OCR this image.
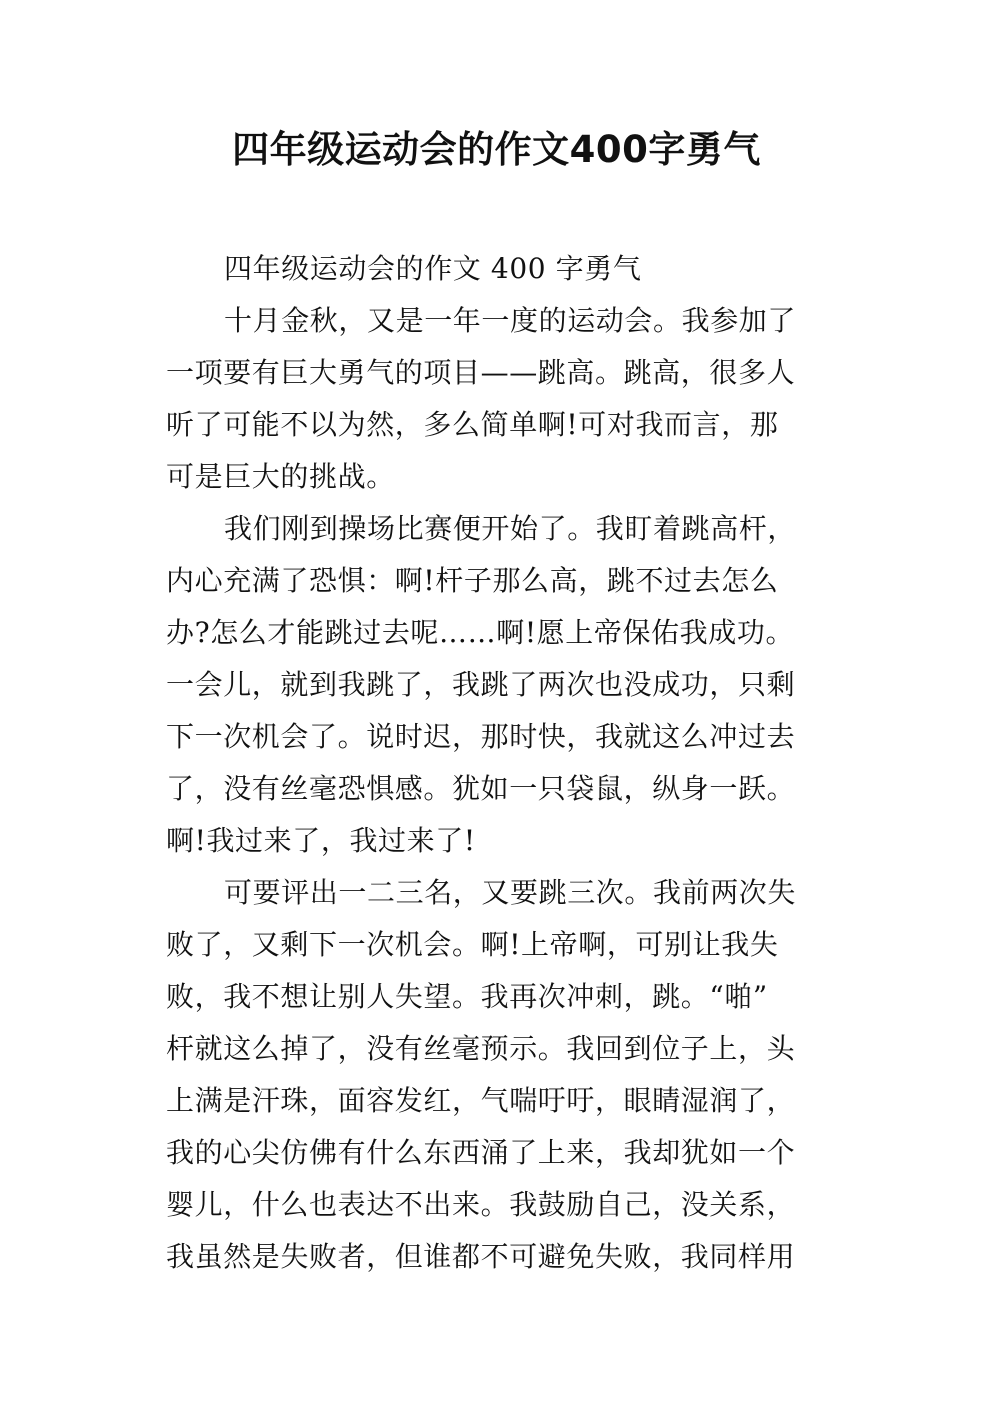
四年级运动会的作文400字勇气
四年级运动会的作文 400 字勇气
十月金秋，又是一年一度的运动会。我参加了
一项要有巨大勇气的项目——跳高。跳高，很多人
听了可能不以为然，多么简单啊!可对我而言，那
可是巨大的挑战。
我们刚到操场比赛便开始了。我盯着跳高杆，
内心充满了恐惧：啊!杆子那么高，跳不过去怎么
办?怎么才能跳过去呢……啊!愿上帝保佑我成功。
一会儿，就到我跳了，我跳了两次也没成功，只剩
下一次机会了。说时迟，那时快，我就这么冲过去
了，没有丝毫恐惧感。犹如一只袋鼠，纵身一跃。
啊!我过来了，我过来了!
可要评出一二三名，又要跳三次。我前两次失
败了，又剩下一次机会。啊!上帝啊，可别让我失
败，我不想让别人失望。我再次冲刺，跳。“啪”
杆就这么掉了，没有丝毫预示。我回到位子上，头
上满是汗珠，面容发红，气喘吁吁，眼睛湿润了，
我的心尖仿佛有什么东西涌了上来，我却犹如一个
婴儿，什么也表达不出来。我鼓励自己，没关系，
我虽然是失败者，但谁都不可避免失败，我同样用
